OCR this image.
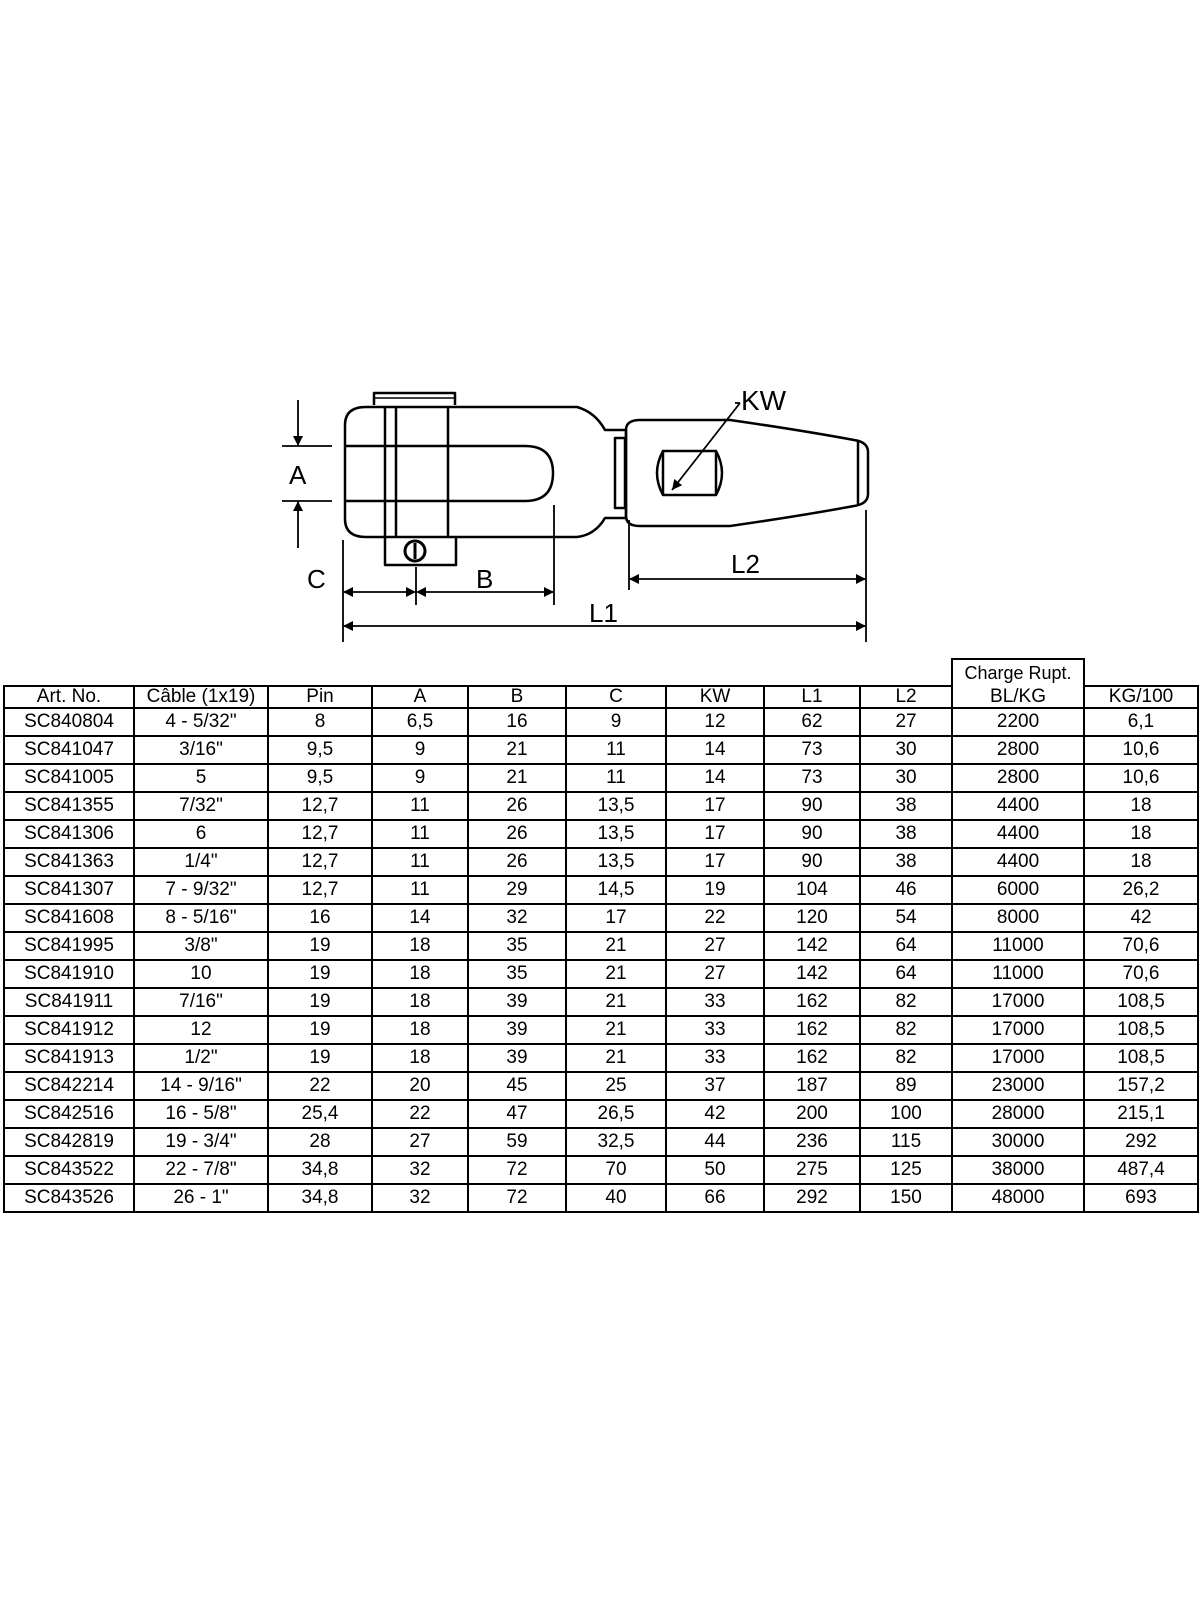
KW
A
C	B	L2
L1
									Charge Rupt.	
Art. No.	Câble (1x19)	Pin	A	B	C	KW	L1	L2	BL/KG	KG/100
SC840804	4 - 5/32"	8	6,5	16	9	12	62	27	2200	6,1
SC841047	3/16"	9,5	9	21	11	14	73	30	2800	10,6
SC841005	5	9,5	9	21	11	14	73	30	2800	10,6
SC841355	7/32"	12,7	11	26	13,5	17	90	38	4400	18
SC841306	6	12,7	11	26	13,5	17	90	38	4400	18
SC841363	1/4"	12,7	11	26	13,5	17	90	38	4400	18
SC841307	7 - 9/32"	12,7	11	29	14,5	19	104	46	6000	26,2
SC841608	8 - 5/16"	16	14	32	17	22	120	54	8000	42
SC841995	3/8"	19	18	35	21	27	142	64	11000	70,6
SC841910	10	19	18	35	21	27	142	64	11000	70,6
SC841911	7/16"	19	18	39	21	33	162	82	17000	108,5
SC841912	12	19	18	39	21	33	162	82	17000	108,5
SC841913	1/2"	19	18	39	21	33	162	82	17000	108,5
SC842214	14 - 9/16"	22	20	45	25	37	187	89	23000	157,2
SC842516	16 - 5/8"	25,4	22	47	26,5	42	200	100	28000	215,1
SC842819	19 - 3/4"	28	27	59	32,5	44	236	115	30000	292
SC843522	22 - 7/8"	34,8	32	72	70	50	275	125	38000	487,4
SC843526	26 - 1"	34,8	32	72	40	66	292	150	48000	693
